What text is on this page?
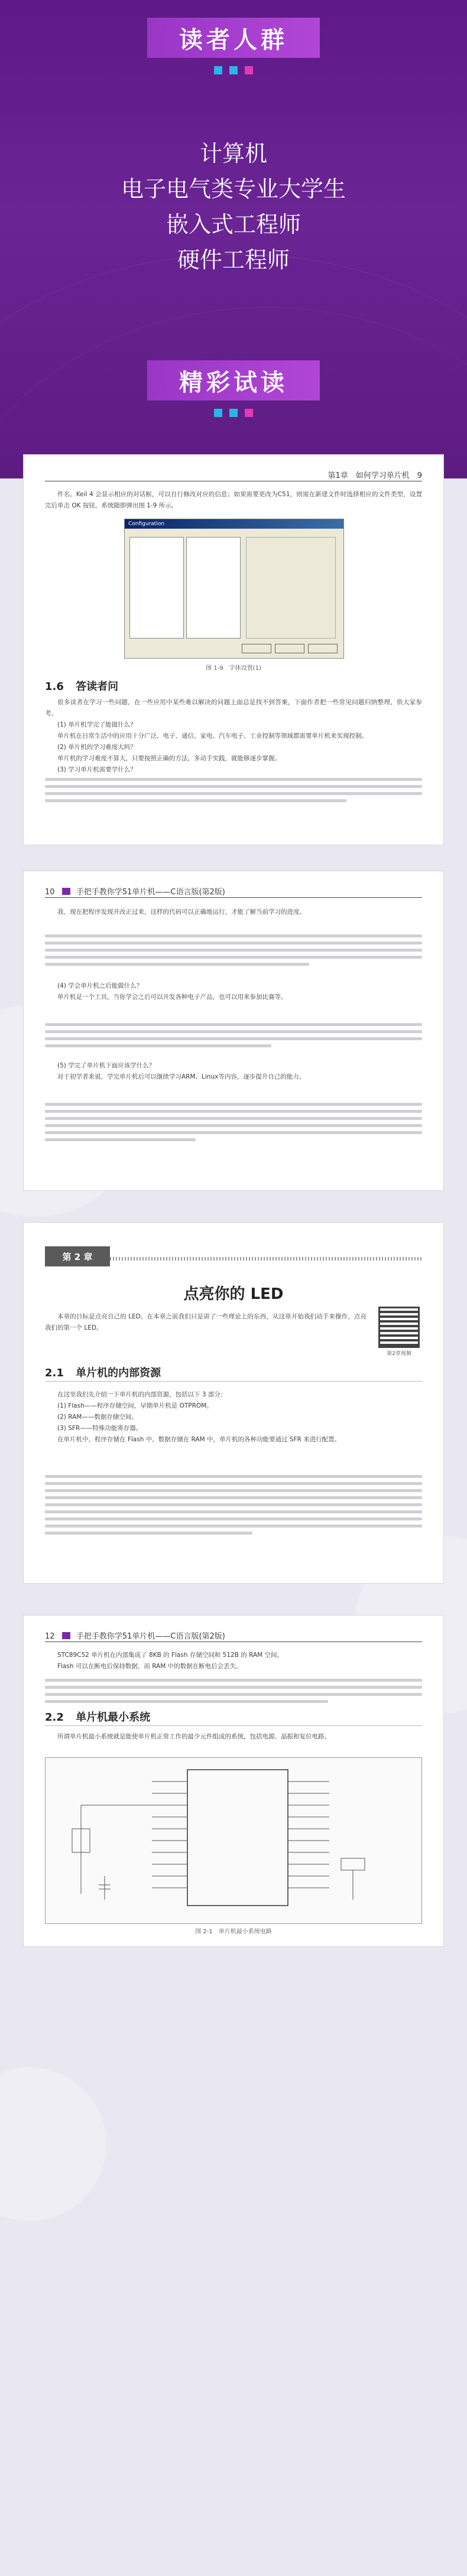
读者人群
计算机
电子电气类专业大学生
嵌入式工程师
硬件工程师
精彩试读
第1章　如何学习单片机　9

件名。Keil 4 会显示相应的对话框，可以自行修改对应的信息；如果需要更改为C51，则需在新建文件时选择相应的文件类型，设置完后单击 OK 按钮，系统随即弹出图 1-9 所示。

Configuration
图 1-9　字体设置(1)
1.6 答读者问

很多读者在学习一些问题，在一些应用中某些难以解决的问题上面总是找不到答案，下面作者把一些常见问题归纳整理，供大家参考。

(1) 单片机学完了能做什么？

单片机在日常生活中的应用十分广泛，电子、通信、家电、汽车电子、工业控制等领域都需要单片机来实现控制。

(2) 单片机的学习难度大吗？

单片机的学习难度不算大，只要按照正确的方法，多动手实践，就能够逐步掌握。

(3) 学习单片机需要学什么？

10	手把手教你学51单片机——C语言版(第2版)

我，现在把程序发现并改正过来，这样的代码可以正确地运行，才能了解当前学习的进度。

(4) 学会单片机之后能做什么？

单片机是一个工具，当你学会之后可以开发各种电子产品，也可以用来参加比赛等。

(5) 学完了单片机下面应该学什么？

对于初学者来说，学完单片机后可以继续学习ARM、Linux等内容，逐步提升自己的能力。

第 2 章
点亮你的 LED
第2章视频

本章的目标是点亮自己的 LED。在本章之前我们只是讲了一些理论上的东西，从这章开始我们动手来操作，点亮我们的第一个 LED。

2.1 单片机的内部资源

在这里我们先介绍一下单片机的内部资源，包括以下 3 部分：

(1) Flash——程序存储空间，早期单片机是 OTPROM。

(2) RAM——数据存储空间。

(3) SFR——特殊功能寄存器。

在单片机中，程序存储在 Flash 中，数据存储在 RAM 中，单片机的各种功能要通过 SFR 来进行配置。

12	手把手教你学51单片机——C语言版(第2版)

STC89C52 单片机在内部集成了 8KB 的 Flash 存储空间和 512B 的 RAM 空间。

Flash 可以在断电后保持数据，而 RAM 中的数据在断电后会丢失。

2.2 单片机最小系统

所谓单片机最小系统就是能使单片机正常工作的最少元件组成的系统，包括电源、晶振和复位电路。

图 2-1　单片机最小系统电路
